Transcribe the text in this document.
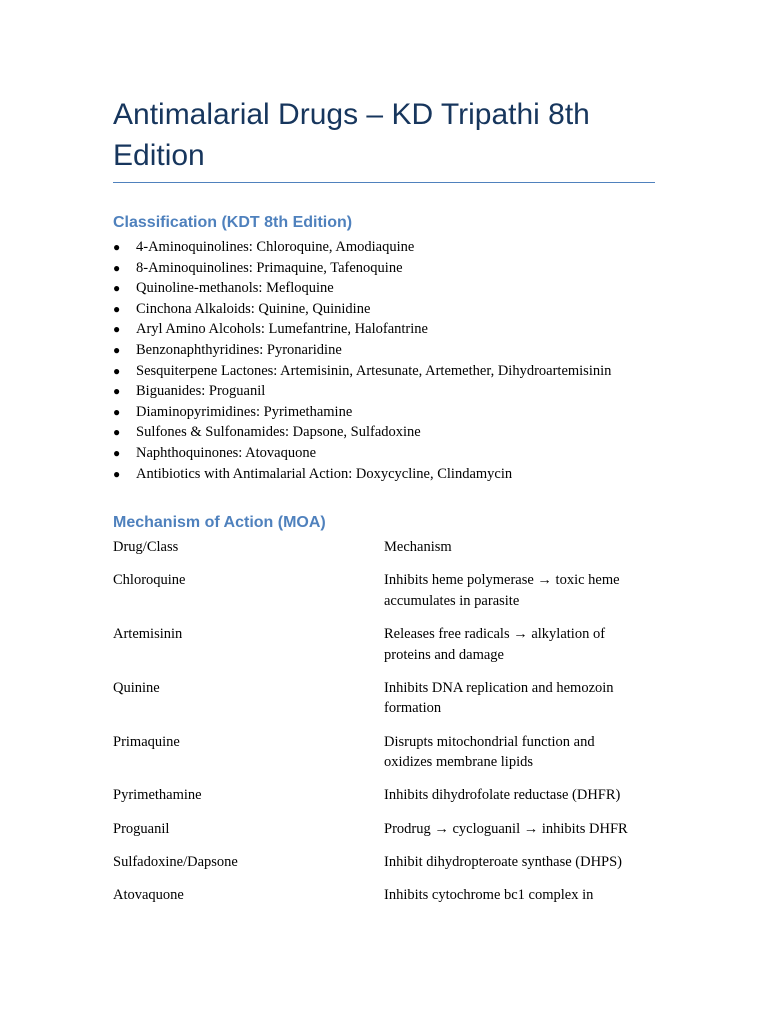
Antimalarial Drugs – KD Tripathi 8th Edition
Classification (KDT 8th Edition)
● 4-Aminoquinolines: Chloroquine, Amodiaquine
● 8-Aminoquinolines: Primaquine, Tafenoquine
● Quinoline-methanols: Mefloquine
● Cinchona Alkaloids: Quinine, Quinidine
● Aryl Amino Alcohols: Lumefantrine, Halofantrine
● Benzonaphthyridines: Pyronaridine
● Sesquiterpene Lactones: Artemisinin, Artesunate, Artemether, Dihydroartemisinin
● Biguanides: Proguanil
● Diaminopyrimidines: Pyrimethamine
● Sulfones & Sulfonamides: Dapsone, Sulfadoxine
● Naphthoquinones: Atovaquone
● Antibiotics with Antimalarial Action: Doxycycline, Clindamycin
Mechanism of Action (MOA)
Drug/Class	Mechanism
Chloroquine	Inhibits heme polymerase → toxic heme accumulates in parasite
Artemisinin	Releases free radicals → alkylation of proteins and damage
Quinine	Inhibits DNA replication and hemozoin formation
Primaquine	Disrupts mitochondrial function and oxidizes membrane lipids
Pyrimethamine	Inhibits dihydrofolate reductase (DHFR)
Proguanil	Prodrug → cycloguanil → inhibits DHFR
Sulfadoxine/Dapsone	Inhibit dihydropteroate synthase (DHPS)
Atovaquone	Inhibits cytochrome bc1 complex in
